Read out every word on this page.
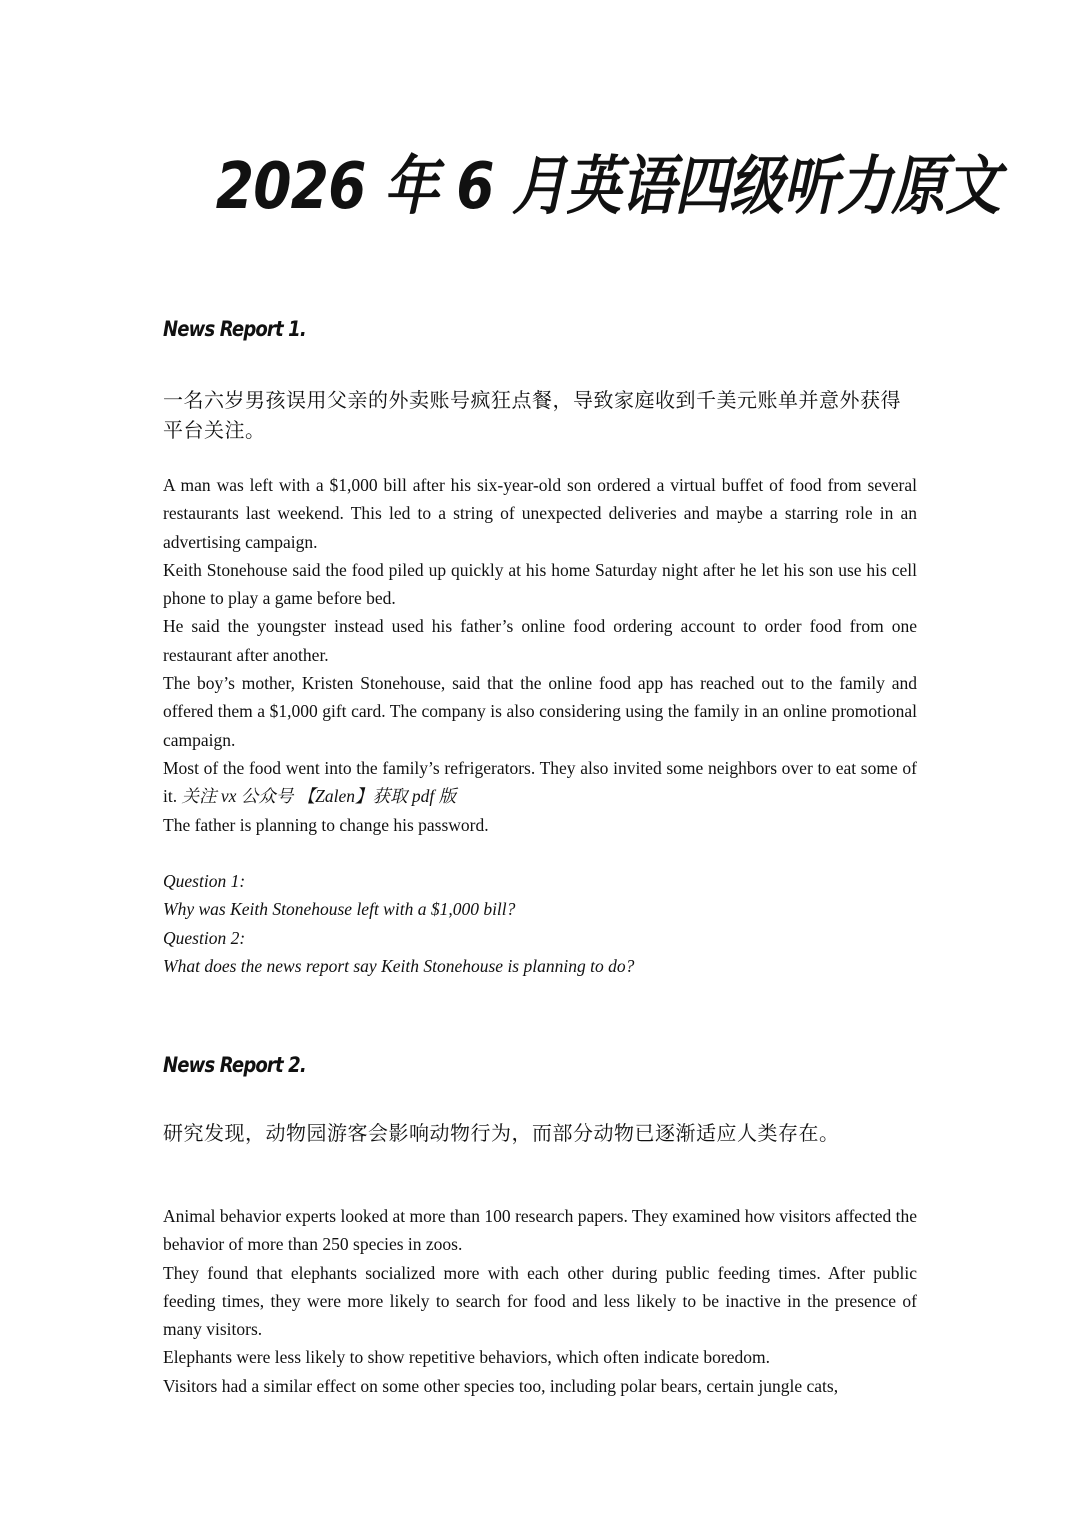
2026 年 6 月英语四级听力原文
News Report 1.

一名六岁男孩误用父亲的外卖账号疯狂点餐，导致家庭收到千美元账单并意外获得平台关注。

A man was left with a $1,000 bill after his six-year-old son ordered a virtual buffet of food from several restaurants last weekend. This led to a string of unexpected deliveries and maybe a starring role in an advertising campaign.

Keith Stonehouse said the food piled up quickly at his home Saturday night after he let his son use his cell phone to play a game before bed.

He said the youngster instead used his father’s online food ordering account to order food from one restaurant after another.

The boy’s mother, Kristen Stonehouse, said that the online food app has reached out to the family and offered them a $1,000 gift card. The company is also considering using the family in an online promotional campaign.

Most of the food went into the family’s refrigerators. They also invited some neighbors over to eat some of it. 关注 vx 公众号 【Zalen】获取 pdf 版

The father is planning to change his password.

Question 1:

Why was Keith Stonehouse left with a $1,000 bill?

Question 2:

What does the news report say Keith Stonehouse is planning to do?

News Report 2.

研究发现，动物园游客会影响动物行为，而部分动物已逐渐适应人类存在。

Animal behavior experts looked at more than 100 research papers. They examined how visitors affected the behavior of more than 250 species in zoos.

They found that elephants socialized more with each other during public feeding times. After public feeding times, they were more likely to search for food and less likely to be inactive in the presence of many visitors.

Elephants were less likely to show repetitive behaviors, which often indicate boredom.

Visitors had a similar effect on some other species too, including polar bears, certain jungle cats,
